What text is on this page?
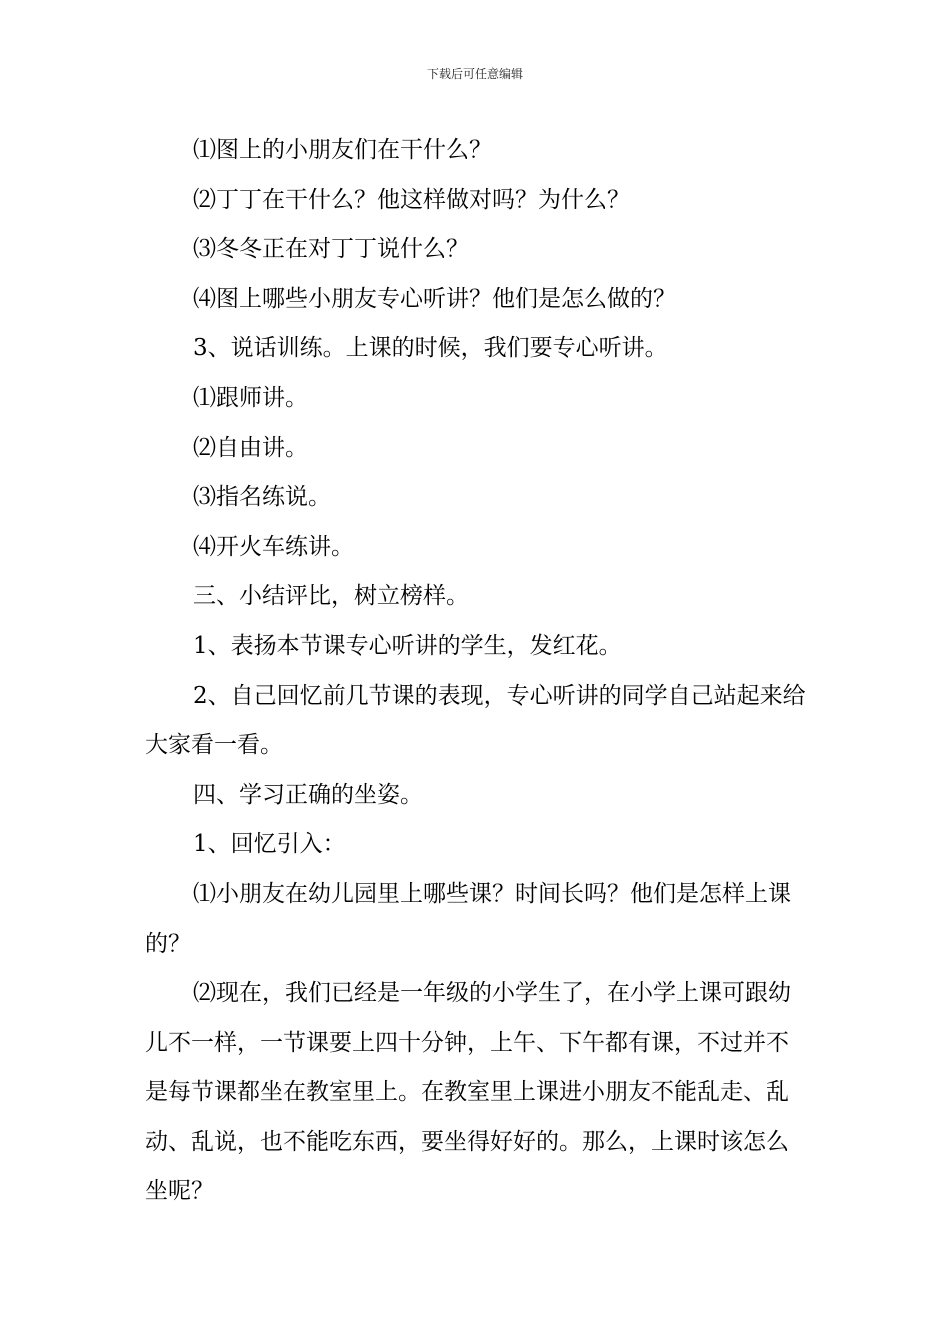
下载后可任意编辑

⑴图上的小朋友们在干什么？

⑵丁丁在干什么？他这样做对吗？为什么？

⑶冬冬正在对丁丁说什么？

⑷图上哪些小朋友专心听讲？他们是怎么做的？

3、说话训练。上课的时候，我们要专心听讲。

⑴跟师讲。

⑵自由讲。

⑶指名练说。

⑷开火车练讲。

三、小结评比，树立榜样。

1、表扬本节课专心听讲的学生，发红花。

2、自己回忆前几节课的表现，专心听讲的同学自己站起来给大家看一看。

四、学习正确的坐姿。

1、回忆引入：

⑴小朋友在幼儿园里上哪些课？时间长吗？他们是怎样上课的？

⑵现在，我们已经是一年级的小学生了，在小学上课可跟幼儿不一样，一节课要上四十分钟，上午、下午都有课，不过并不是每节课都坐在教室里上。在教室里上课进小朋友不能乱走、乱动、乱说，也不能吃东西，要坐得好好的。那么，上课时该怎么坐呢？
